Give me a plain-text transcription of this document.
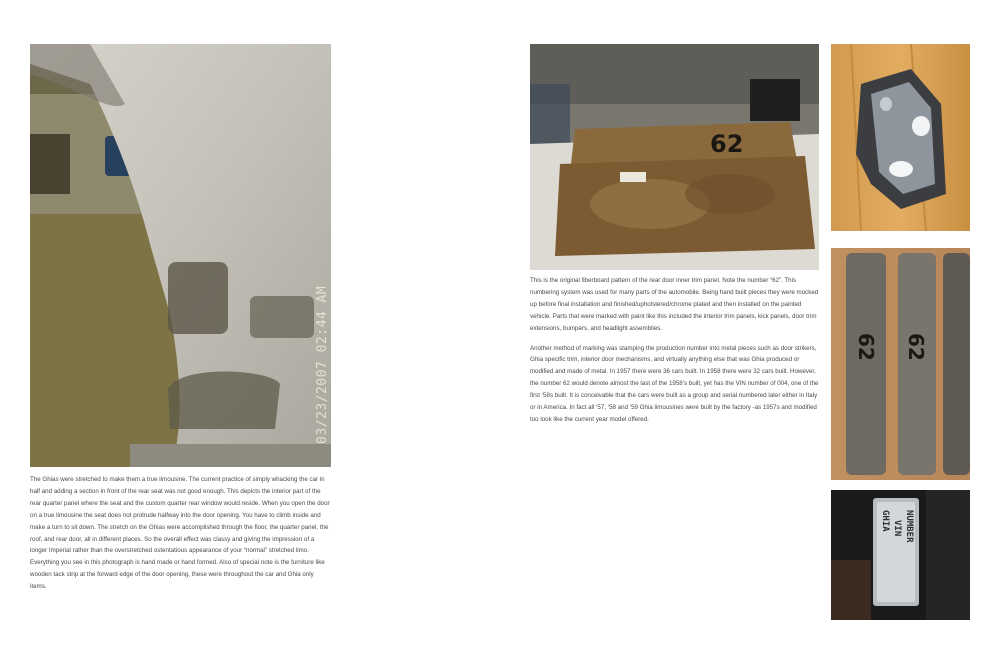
03/23/2007 02:44 AM
62
62 62
GHIA VIN NUMBER

The Ghias were stretched to make them a true limousine. The current practice of simply whacking the car in half and adding a section in front of the rear seat was not good enough. This depicts the interior part of the rear quarter panel where the seat and the custom quarter rear window would reside. When you open the door on a true limousine the seat does not protrude halfway into the door opening. You have to climb inside and make a turn to sit down. The stretch on the Ghias were accomplished through the floor, the quarter panel, the roof, and rear door, all in different places. So the overall effect was classy and giving the impression of a longer Imperial rather than the overstretched ostentatious appearance of your “normal” stretched limo. Everything you see in this photograph is hand made or hand formed. Also of special note is the furniture like wooden tack strip at the forward edge of the door opening, these were throughout the car and Ghia only items.

This is the original fiberboard pattern of the rear door inner trim panel. Note the number “62”. This numbering system was used for many parts of the automobile. Being hand built pieces they were mocked up before final installation and finished/upholstered/chrome plated and then installed on the painted vehicle. Parts that were marked with paint like this included the interior trim panels, kick panels, door trim extensions, bumpers, and headlight assemblies.

Another method of marking was stamping the production number into metal pieces such as door strikers, Ghia specific trim, interior door mechanisms, and virtually anything else that was Ghia produced or modified and made of metal. In 1957 there were 36 cars built. In 1958 there were 32 cars built. However, the number 62 would denote almost the last of the 1958’s built, yet has the VIN number of 004, one of the first ‘58s built. It is conceivable that the cars were built as a group and serial numbered later either in Italy or in America. In fact all ‘57, ‘58 and ‘59 Ghia limousines were built by the factory -as 1957s and modified too look like the current year model offered.
